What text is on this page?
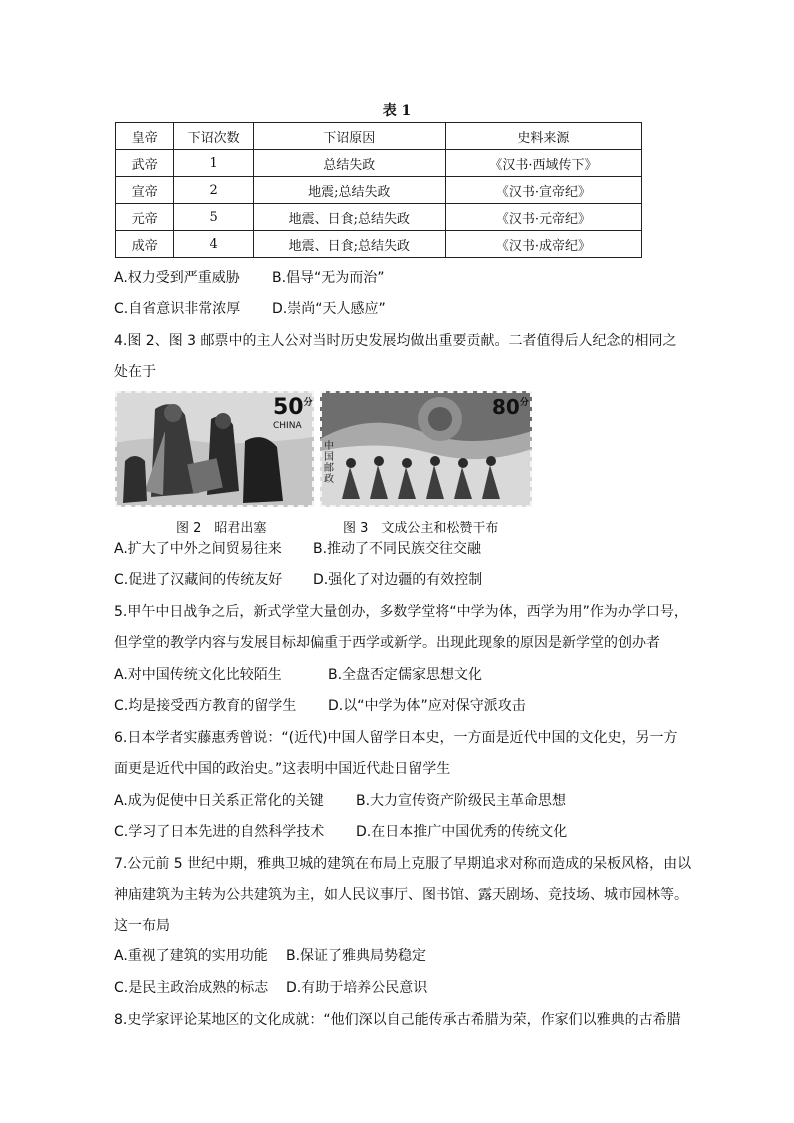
表 1
皇帝	下诏次数	下诏原因	史料来源
武帝	1	总结失政	《汉书·西域传下》
宣帝	2	地震;总结失政	《汉书·宣帝纪》
元帝	5	地震、日食;总结失政	《汉书·元帝纪》
成帝	4	地震、日食;总结失政	《汉书·成帝纪》
A.权力受到严重威胁 B.倡导“无为而治”
C.自省意识非常浓厚 D.崇尚“天人感应”
4.图 2、图 3 邮票中的主人公对当时历史发展均做出重要贡献。二者值得后人纪念的相同之
处在于
$50^分$
CHINA
$80^分$
中国邮政
图 2　昭君出塞	图 3　文成公主和松赞干布
A.扩大了中外之间贸易往来 B.推动了不同民族交往交融
C.促进了汉藏间的传统友好 D.强化了对边疆的有效控制
5.甲午中日战争之后，新式学堂大量创办，多数学堂将“中学为体，西学为用”作为办学口号，
但学堂的教学内容与发展目标却偏重于西学或新学。出现此现象的原因是新学堂的创办者
A.对中国传统文化比较陌生	B.全盘否定儒家思想文化
C.均是接受西方教育的留学生 D.以“中学为体”应对保守派攻击
6.日本学者实藤惠秀曾说：“(近代)中国人留学日本史，一方面是近代中国的文化史，另一方
面更是近代中国的政治史。”这表明中国近代赴日留学生
A.成为促使中日关系正常化的关键 B.大力宣传资产阶级民主革命思想
C.学习了日本先进的自然科学技术 D.在日本推广中国优秀的传统文化
7.公元前 5 世纪中期，雅典卫城的建筑在布局上克服了早期追求对称而造成的呆板风格，由以
神庙建筑为主转为公共建筑为主，如人民议事厅、图书馆、露天剧场、竞技场、城市园林等。
这一布局
A.重视了建筑的实用功能 B.保证了雅典局势稳定
C.是民主政治成熟的标志 D.有助于培养公民意识
8.史学家评论某地区的文化成就：“他们深以自己能传承古希腊为荣，作家们以雅典的古希腊
